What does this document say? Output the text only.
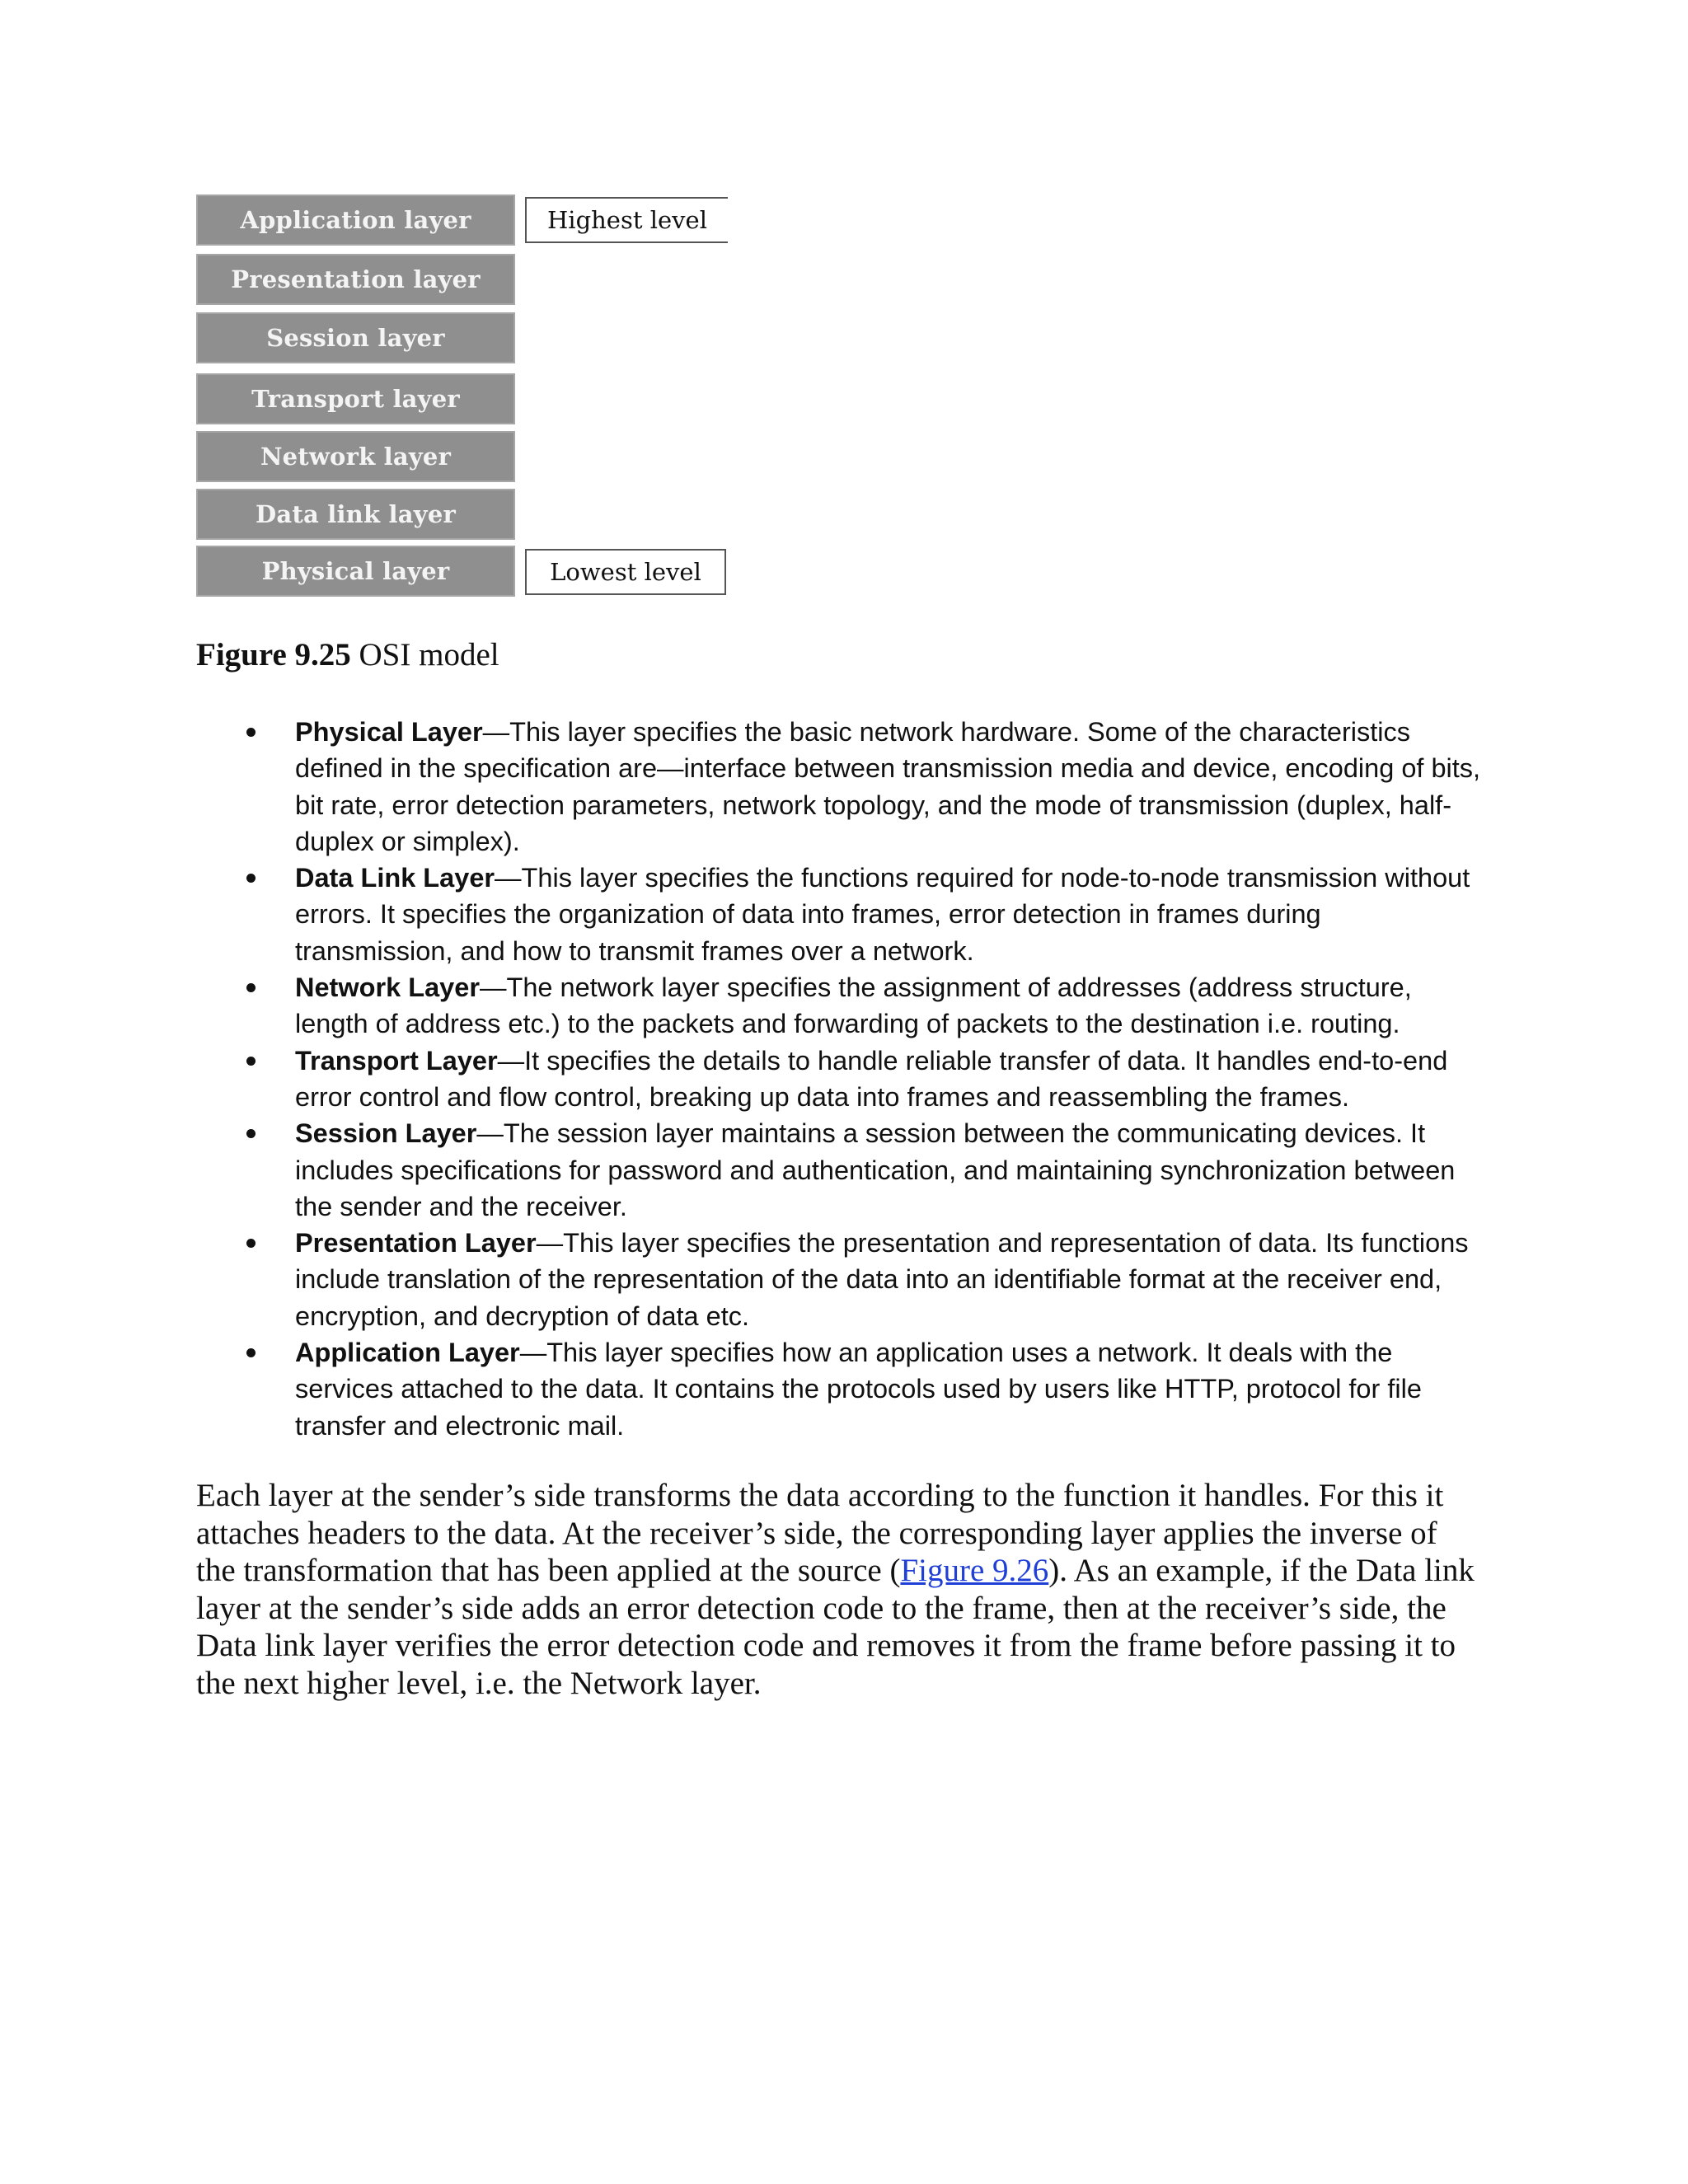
Application layer	Highest level
Presentation layer
Session layer
Transport layer
Network layer
Data link layer
Physical layer	Lowest level
Figure 9.25 OSI model
Physical Layer—This layer specifies the basic network hardware. Some of the characteristics defined in the specification are—interface between transmission media and device, encoding of bits, bit rate, error detection parameters, network topology, and the mode of transmission (duplex, half-duplex or simplex).
Data Link Layer—This layer specifies the functions required for node-to-node transmission without errors. It specifies the organization of data into frames, error detection in frames during transmission, and how to transmit frames over a network.
Network Layer—The network layer specifies the assignment of addresses (address structure, length of address etc.) to the packets and forwarding of packets to the destination i.e. routing.
Transport Layer—It specifies the details to handle reliable transfer of data. It handles end-to-end error control and flow control, breaking up data into frames and reassembling the frames.
Session Layer—The session layer maintains a session between the communicating devices. It includes specifications for password and authentication, and maintaining synchronization between the sender and the receiver.
Presentation Layer—This layer specifies the presentation and representation of data. Its functions include translation of the representation of the data into an identifiable format at the receiver end, encryption, and decryption of data etc.
Application Layer—This layer specifies how an application uses a network. It deals with the services attached to the data. It contains the protocols used by users like HTTP, protocol for file transfer and electronic mail.

Each layer at the sender’s side transforms the data according to the function it handles. For this it attaches headers to the data. At the receiver’s side, the corresponding layer applies the inverse of the transformation that has been applied at the source (Figure 9.26). As an example, if the Data link layer at the sender’s side adds an error detection code to the frame, then at the receiver’s side, the Data link layer verifies the error detection code and removes it from the frame before passing it to the next higher level, i.e. the Network layer.
